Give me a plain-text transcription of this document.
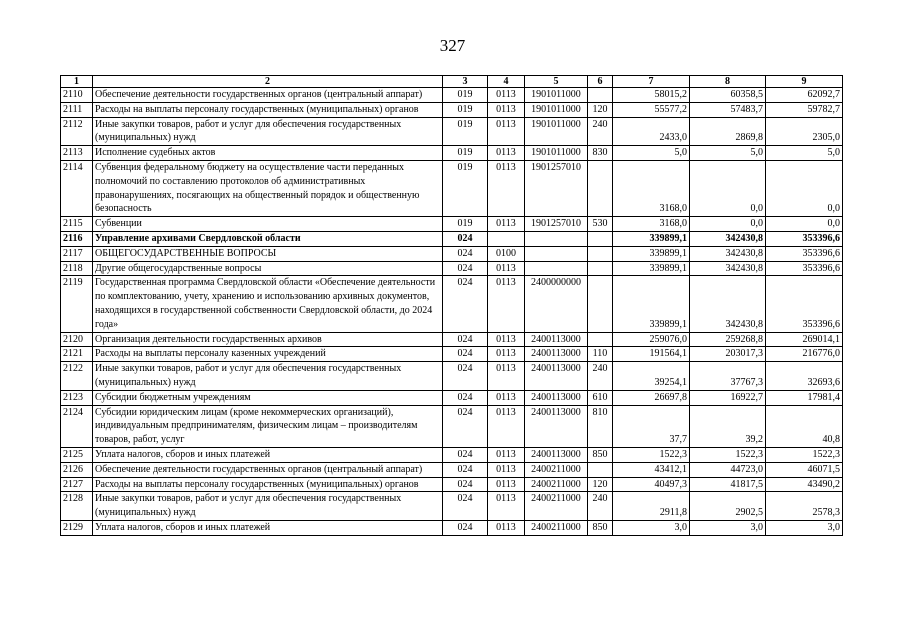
327
1	2	3	4	5	6	7	8	9
2110	Обеспечение деятельности государственных органов (центральный аппарат)	019	0113	1901011000		58015,2	60358,5	62092,7
2111	Расходы на выплаты персоналу государственных (муниципальных) органов	019	0113	1901011000	120	55577,2	57483,7	59782,7
2112	Иные закупки товаров, работ и услуг для обеспечения государственных (муниципальных) нужд	019	0113	1901011000	240	2433,0	2869,8	2305,0
2113	Исполнение судебных актов	019	0113	1901011000	830	5,0	5,0	5,0
2114	Субвенция федеральному бюджету на осуществление части переданных полномочий по составлению протоколов об административных правонарушениях, посягающих на общественный порядок и общественную безопасность	019	0113	1901257010		3168,0	0,0	0,0
2115	Субвенции	019	0113	1901257010	530	3168,0	0,0	0,0
2116	Управление архивами Свердловской области	024				339899,1	342430,8	353396,6
2117	ОБЩЕГОСУДАРСТВЕННЫЕ ВОПРОСЫ	024	0100			339899,1	342430,8	353396,6
2118	Другие общегосударственные вопросы	024	0113			339899,1	342430,8	353396,6
2119	Государственная программа Свердловской области «Обеспечение деятельности по комплектованию, учету, хранению и использованию архивных документов, находящихся в государственной собственности Свердловской области, до 2024 года»	024	0113	2400000000		339899,1	342430,8	353396,6
2120	Организация деятельности государственных архивов	024	0113	2400113000		259076,0	259268,8	269014,1
2121	Расходы на выплаты персоналу казенных учреждений	024	0113	2400113000	110	191564,1	203017,3	216776,0
2122	Иные закупки товаров, работ и услуг для обеспечения государственных (муниципальных) нужд	024	0113	2400113000	240	39254,1	37767,3	32693,6
2123	Субсидии бюджетным учреждениям	024	0113	2400113000	610	26697,8	16922,7	17981,4
2124	Субсидии юридическим лицам (кроме некоммерческих организаций), индивидуальным предпринимателям, физическим лицам – производителям товаров, работ, услуг	024	0113	2400113000	810	37,7	39,2	40,8
2125	Уплата налогов, сборов и иных платежей	024	0113	2400113000	850	1522,3	1522,3	1522,3
2126	Обеспечение деятельности государственных органов (центральный аппарат)	024	0113	2400211000		43412,1	44723,0	46071,5
2127	Расходы на выплаты персоналу государственных (муниципальных) органов	024	0113	2400211000	120	40497,3	41817,5	43490,2
2128	Иные закупки товаров, работ и услуг для обеспечения государственных (муниципальных) нужд	024	0113	2400211000	240	2911,8	2902,5	2578,3
2129	Уплата налогов, сборов и иных платежей	024	0113	2400211000	850	3,0	3,0	3,0
